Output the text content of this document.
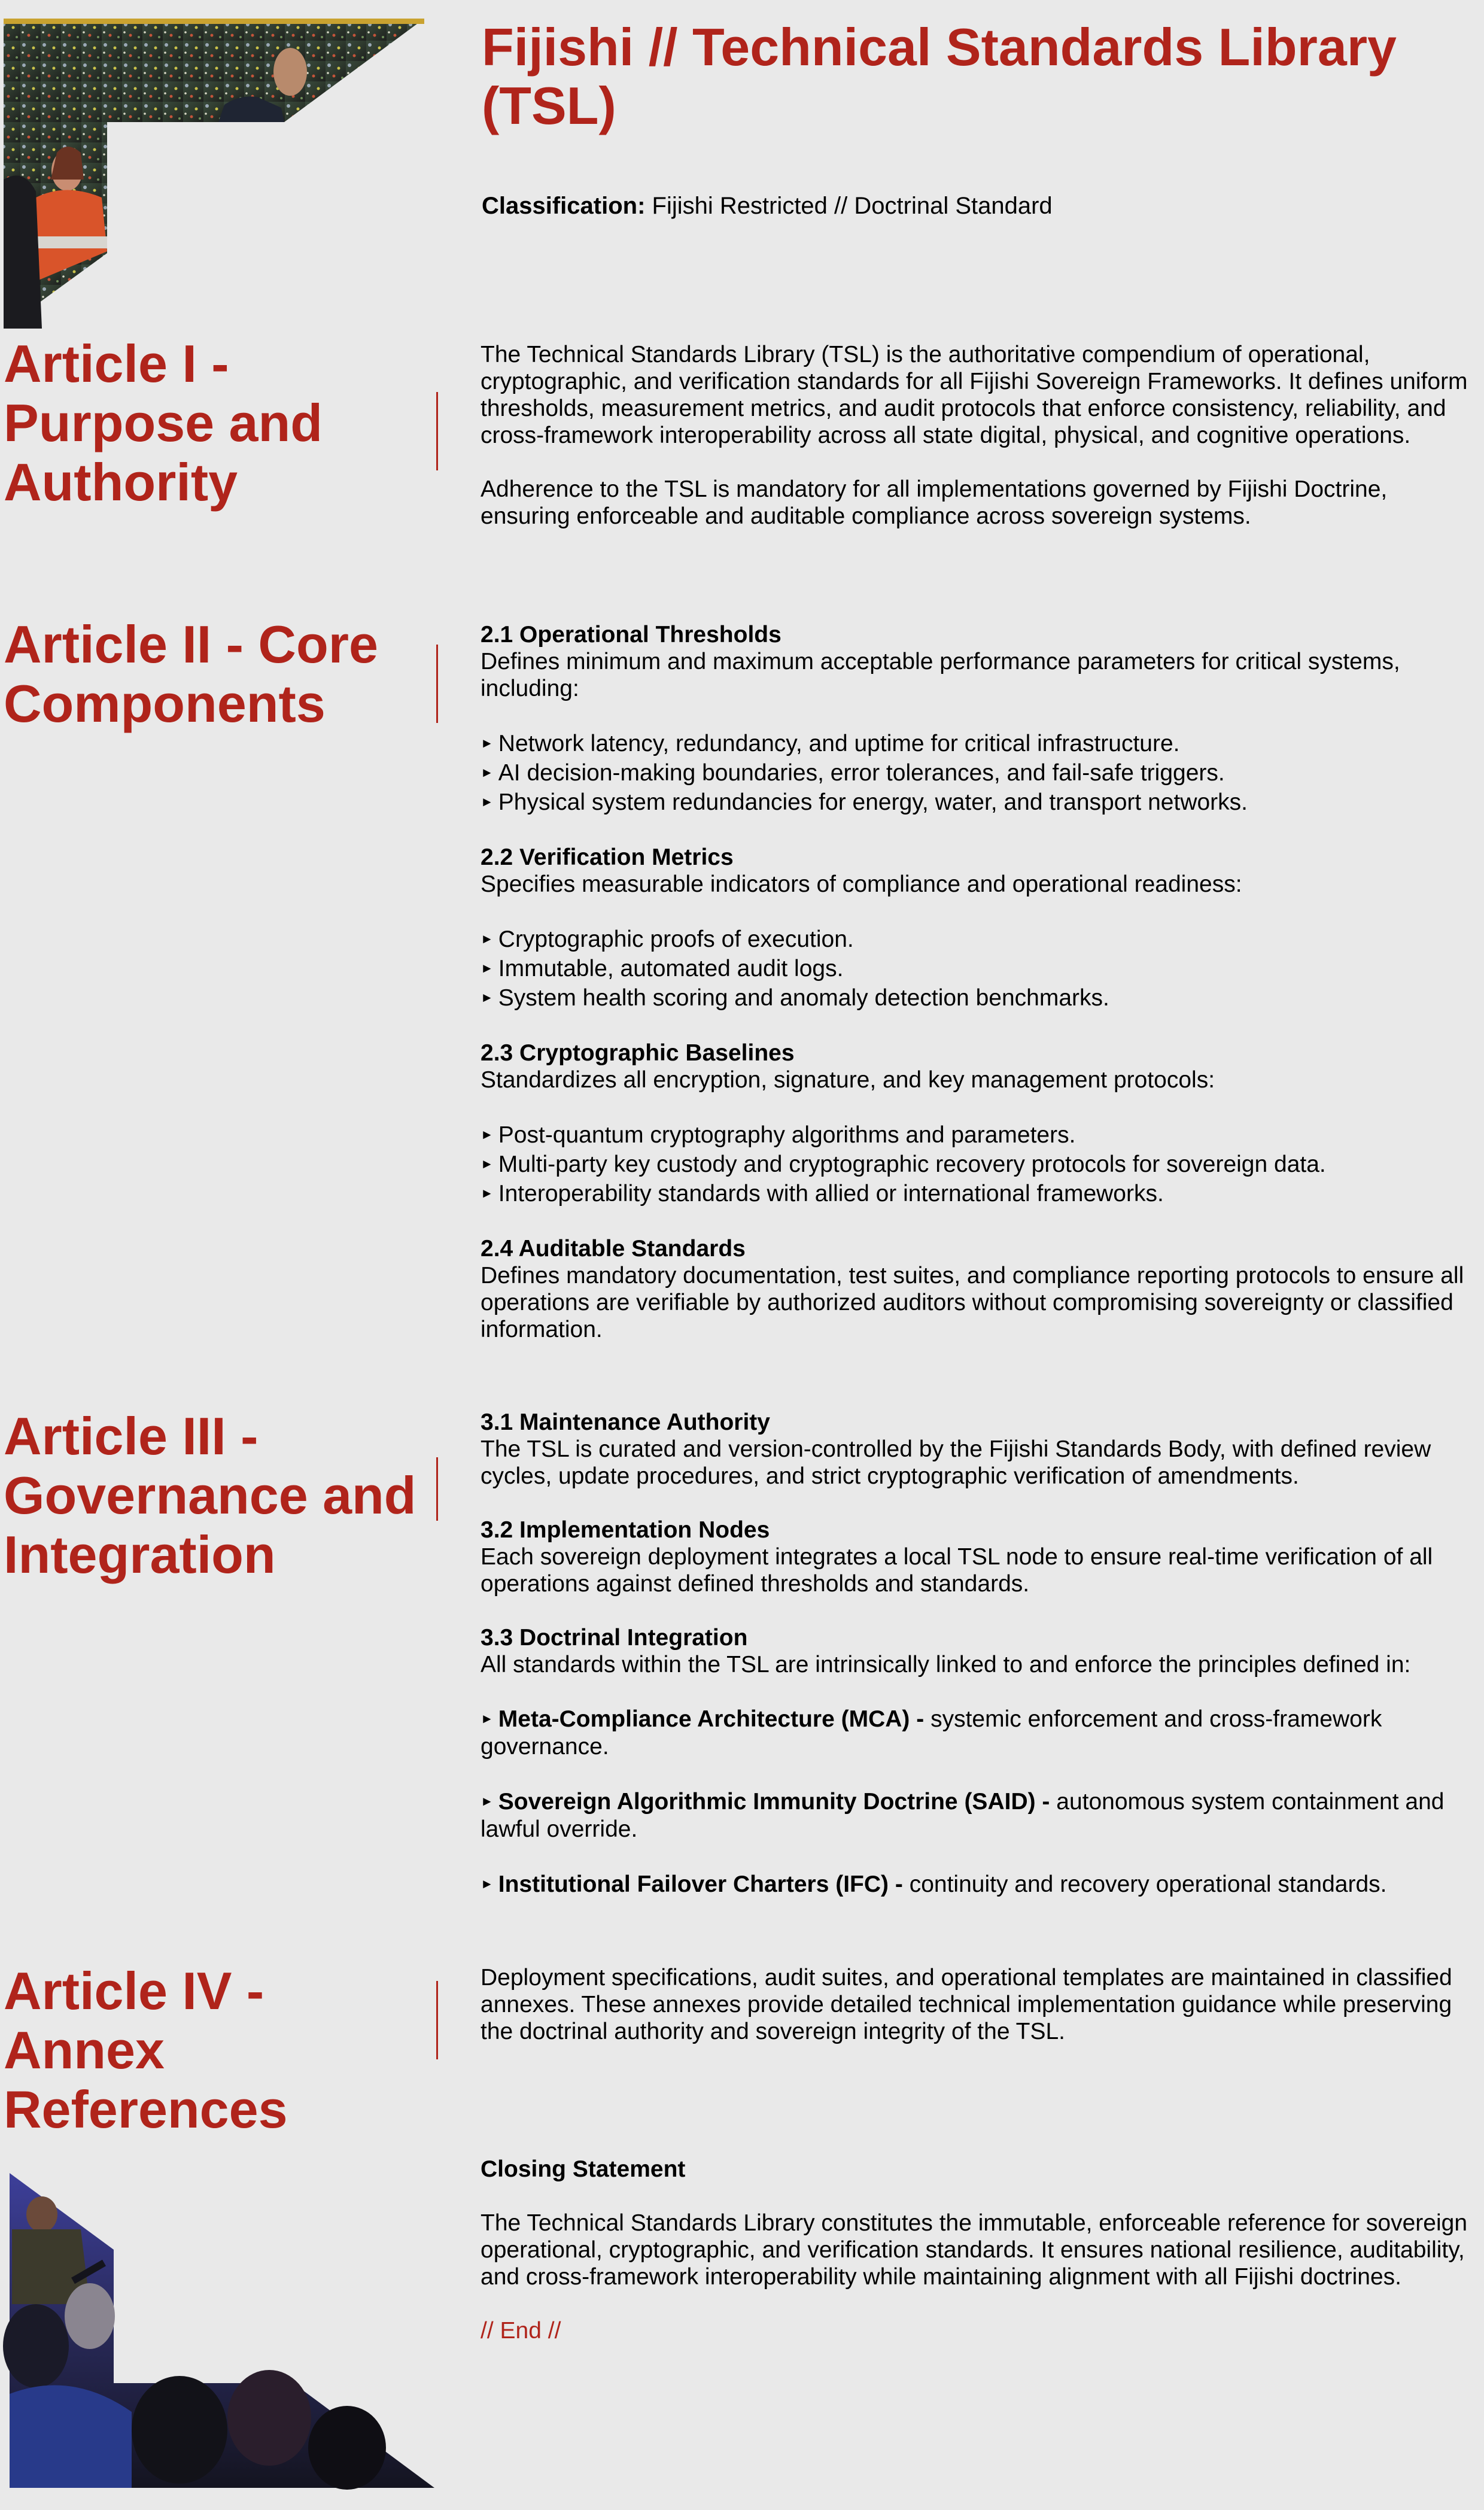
Fijishi // Technical Standards Library (TSL)
Classification: Fijishi Restricted // Doctrinal Standard
Article I - Purpose and Authority

The Technical Standards Library (TSL) is the authoritative compendium of operational, cryptographic, and verification standards for all Fijishi Sovereign Frameworks. It defines uniform thresholds, measurement metrics, and audit protocols that enforce consistency, reliability, and cross-framework interoperability across all state digital, physical, and cognitive operations.

Adherence to the TSL is mandatory for all implementations governed by Fijishi Doctrine, ensuring enforceable and auditable compliance across sovereign systems.

Article II - Core Components

2.1 Operational Thresholds

Defines minimum and maximum acceptable performance parameters for critical systems, including:

► Network latency, redundancy, and uptime for critical infrastructure.
► AI decision-making boundaries, error tolerances, and fail-safe triggers.
► Physical system redundancies for energy, water, and transport networks.

2.2 Verification Metrics

Specifies measurable indicators of compliance and operational readiness:

► Cryptographic proofs of execution.
► Immutable, automated audit logs.
► System health scoring and anomaly detection benchmarks.

2.3 Cryptographic Baselines

Standardizes all encryption, signature, and key management protocols:

► Post-quantum cryptography algorithms and parameters.
► Multi-party key custody and cryptographic recovery protocols for sovereign data.
► Interoperability standards with allied or international frameworks.

2.4 Auditable Standards

Defines mandatory documentation, test suites, and compliance reporting protocols to ensure all operations are verifiable by authorized auditors without compromising sovereignty or classified information.

Article III - Governance and Integration

3.1 Maintenance Authority

The TSL is curated and version-controlled by the Fijishi Standards Body, with defined review cycles, update procedures, and strict cryptographic verification of amendments.

3.2 Implementation Nodes

Each sovereign deployment integrates a local TSL node to ensure real-time verification of all operations against defined thresholds and standards.

3.3 Doctrinal Integration

All standards within the TSL are intrinsically linked to and enforce the principles defined in:

► Meta-Compliance Architecture (MCA) - systemic enforcement and cross-framework governance.

► Sovereign Algorithmic Immunity Doctrine (SAID) - autonomous system containment and lawful override.

► Institutional Failover Charters (IFC) - continuity and recovery operational standards.

Article IV - Annex References

Deployment specifications, audit suites, and operational templates are maintained in classified annexes. These annexes provide detailed technical implementation guidance while preserving the doctrinal authority and sovereign integrity of the TSL.

Closing Statement

The Technical Standards Library constitutes the immutable, enforceable reference for sovereign operational, cryptographic, and verification standards. It ensures national resilience, auditability, and cross-framework interoperability while maintaining alignment with all Fijishi doctrines.

// End //
